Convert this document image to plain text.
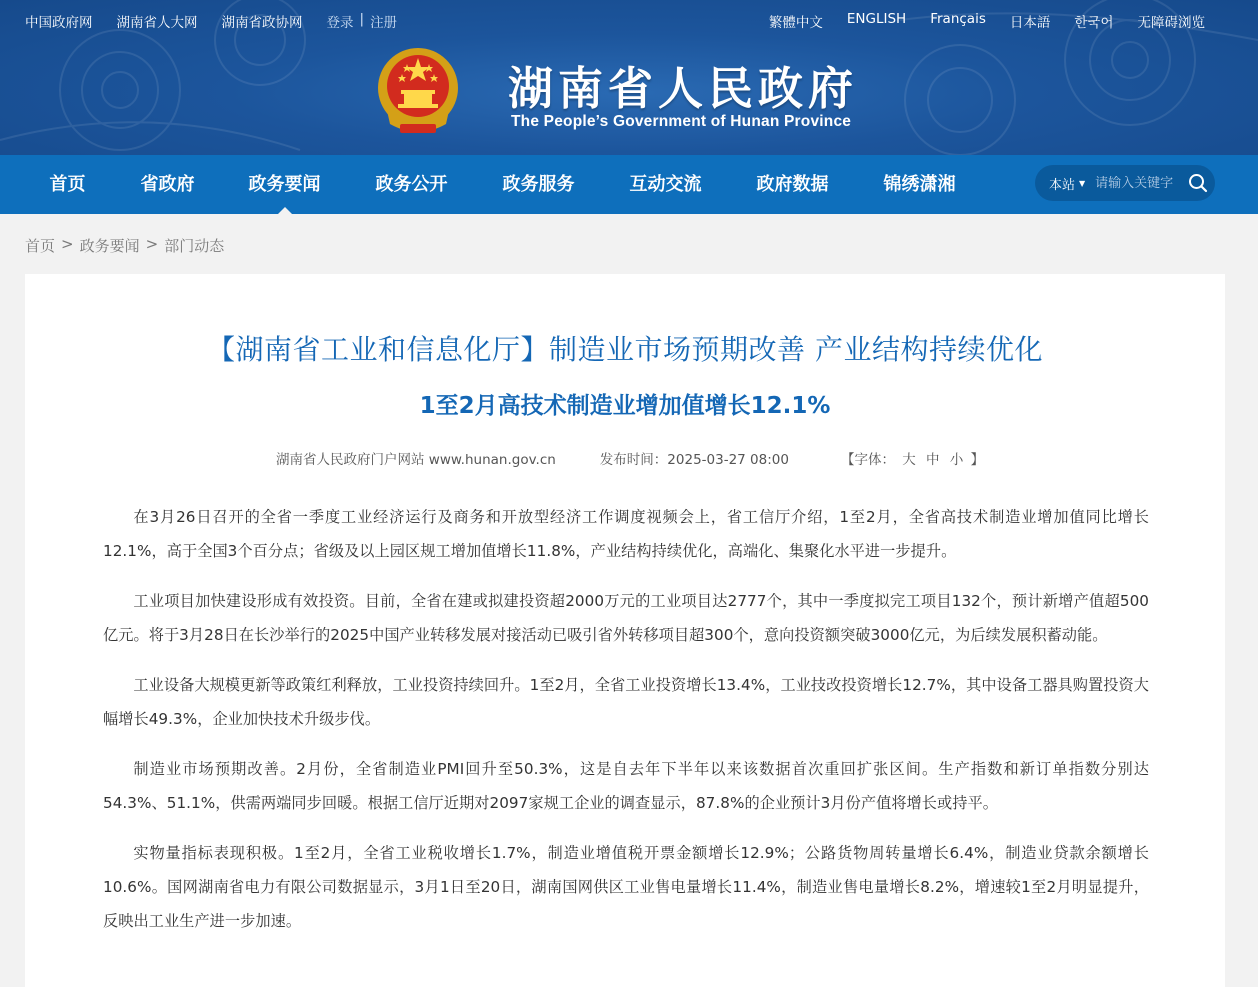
中国政府网 湖南省人大网 湖南省政协网 登录 | 注册	繁體中文 ENGLISH Français 日本語 한국어 无障碍浏览
湖南省人民政府
The People’s Government of Hunan Province
首页	省政府	政务要闻	政务公开	政务服务	互动交流	政府数据	锦绣潇湘	本站 ▼
请输入关键字
首页 > 政务要闻 > 部门动态
【湖南省工业和信息化厅】制造业市场预期改善 产业结构持续优化
1至2月高技术制造业增加值增长12.1%
湖南省人民政府门户网站 www.hunan.gov.cn	发布时间：2025-03-27 08:00	【字体： 大 中 小 】

在3月26日召开的全省一季度工业经济运行及商务和开放型经济工作调度视频会上，省工信厅介绍，1至2月，全省高技术制造业增加值同比增长12.1%，高于全国3个百分点；省级及以上园区规工增加值增长11.8%，产业结构持续优化，高端化、集聚化水平进一步提升。

工业项目加快建设形成有效投资。目前，全省在建或拟建投资超2000万元的工业项目达2777个，其中一季度拟完工项目132个，预计新增产值超500亿元。将于3月28日在长沙举行的2025中国产业转移发展对接活动已吸引省外转移项目超300个，意向投资额突破3000亿元，为后续发展积蓄动能。

工业设备大规模更新等政策红利释放，工业投资持续回升。1至2月，全省工业投资增长13.4%，工业技改投资增长12.7%，其中设备工器具购置投资大幅增长49.3%，企业加快技术升级步伐。

制造业市场预期改善。2月份，全省制造业PMI回升至50.3%，这是自去年下半年以来该数据首次重回扩张区间。生产指数和新订单指数分别达54.3%、51.1%，供需两端同步回暖。根据工信厅近期对2097家规工企业的调查显示，87.8%的企业预计3月份产值将增长或持平。

实物量指标表现积极。1至2月，全省工业税收增长1.7%，制造业增值税开票金额增长12.9%；公路货物周转量增长6.4%，制造业贷款余额增长10.6%。国网湖南省电力有限公司数据显示，3月1日至20日，湖南国网供区工业售电量增长11.4%，制造业售电量增长8.2%，增速较1至2月明显提升，反映出工业生产进一步加速。
